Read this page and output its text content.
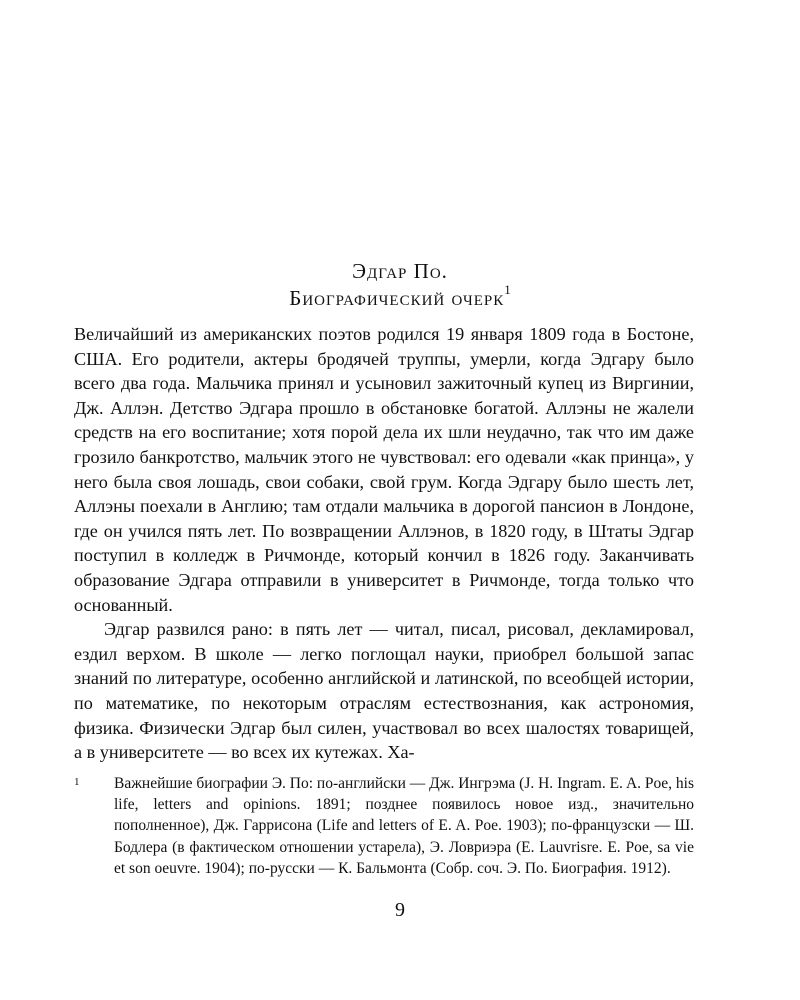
Эдгар По.
Биографический очерк$^1$

Величайший из американских поэтов родился 19 января 1809 года в Бостоне, США. Его родители, актеры бродячей труппы, умерли, когда Эдгару было всего два года. Мальчика принял и усыновил зажиточный купец из Виргинии, Дж. Аллэн. Детство Эдгара прошло в обстановке богатой. Аллэны не жалели средств на его воспитание; хотя порой дела их шли неудачно, так что им даже грозило банкротство, мальчик этого не чувствовал: его одевали «как принца», у него была своя лошадь, свои собаки, свой грум. Когда Эдгару было шесть лет, Аллэны поехали в Англию; там отдали мальчика в дорогой пансион в Лондоне, где он учился пять лет. По возвращении Аллэнов, в 1820 году, в Штаты Эдгар поступил в колледж в Ричмонде, который кончил в 1826 году. Заканчивать образование Эдгара отправили в университет в Ричмонде, тогда только что основанный.

Эдгар развился рано: в пять лет — читал, писал, рисовал, декламировал, ездил верхом. В школе — легко поглощал науки, приобрел большой запас знаний по литературе, особенно английской и латинской, по всеобщей истории, по математике, по некоторым отраслям естествознания, как астрономия, физика. Физически Эдгар был силен, участвовал во всех шалостях товарищей, а в университете — во всех их кутежах. Ха-

1 Важнейшие биографии Э. По: по-английски — Дж. Ингрэма (J. H. Ingram. E. A. Poe, his life, letters and opinions. 1891; позднее появилось новое изд., значительно пополненное), Дж. Гаррисона (Life and letters of E. A. Poe. 1903); по-французски — Ш. Бодлера (в фактическом отношении устарела), Э. Ловриэра (E. Lauvrisre. E. Poe, sa vie et son oeuvre. 1904); по-русски — К. Бальмонта (Собр. соч. Э. По. Биография. 1912).
9
